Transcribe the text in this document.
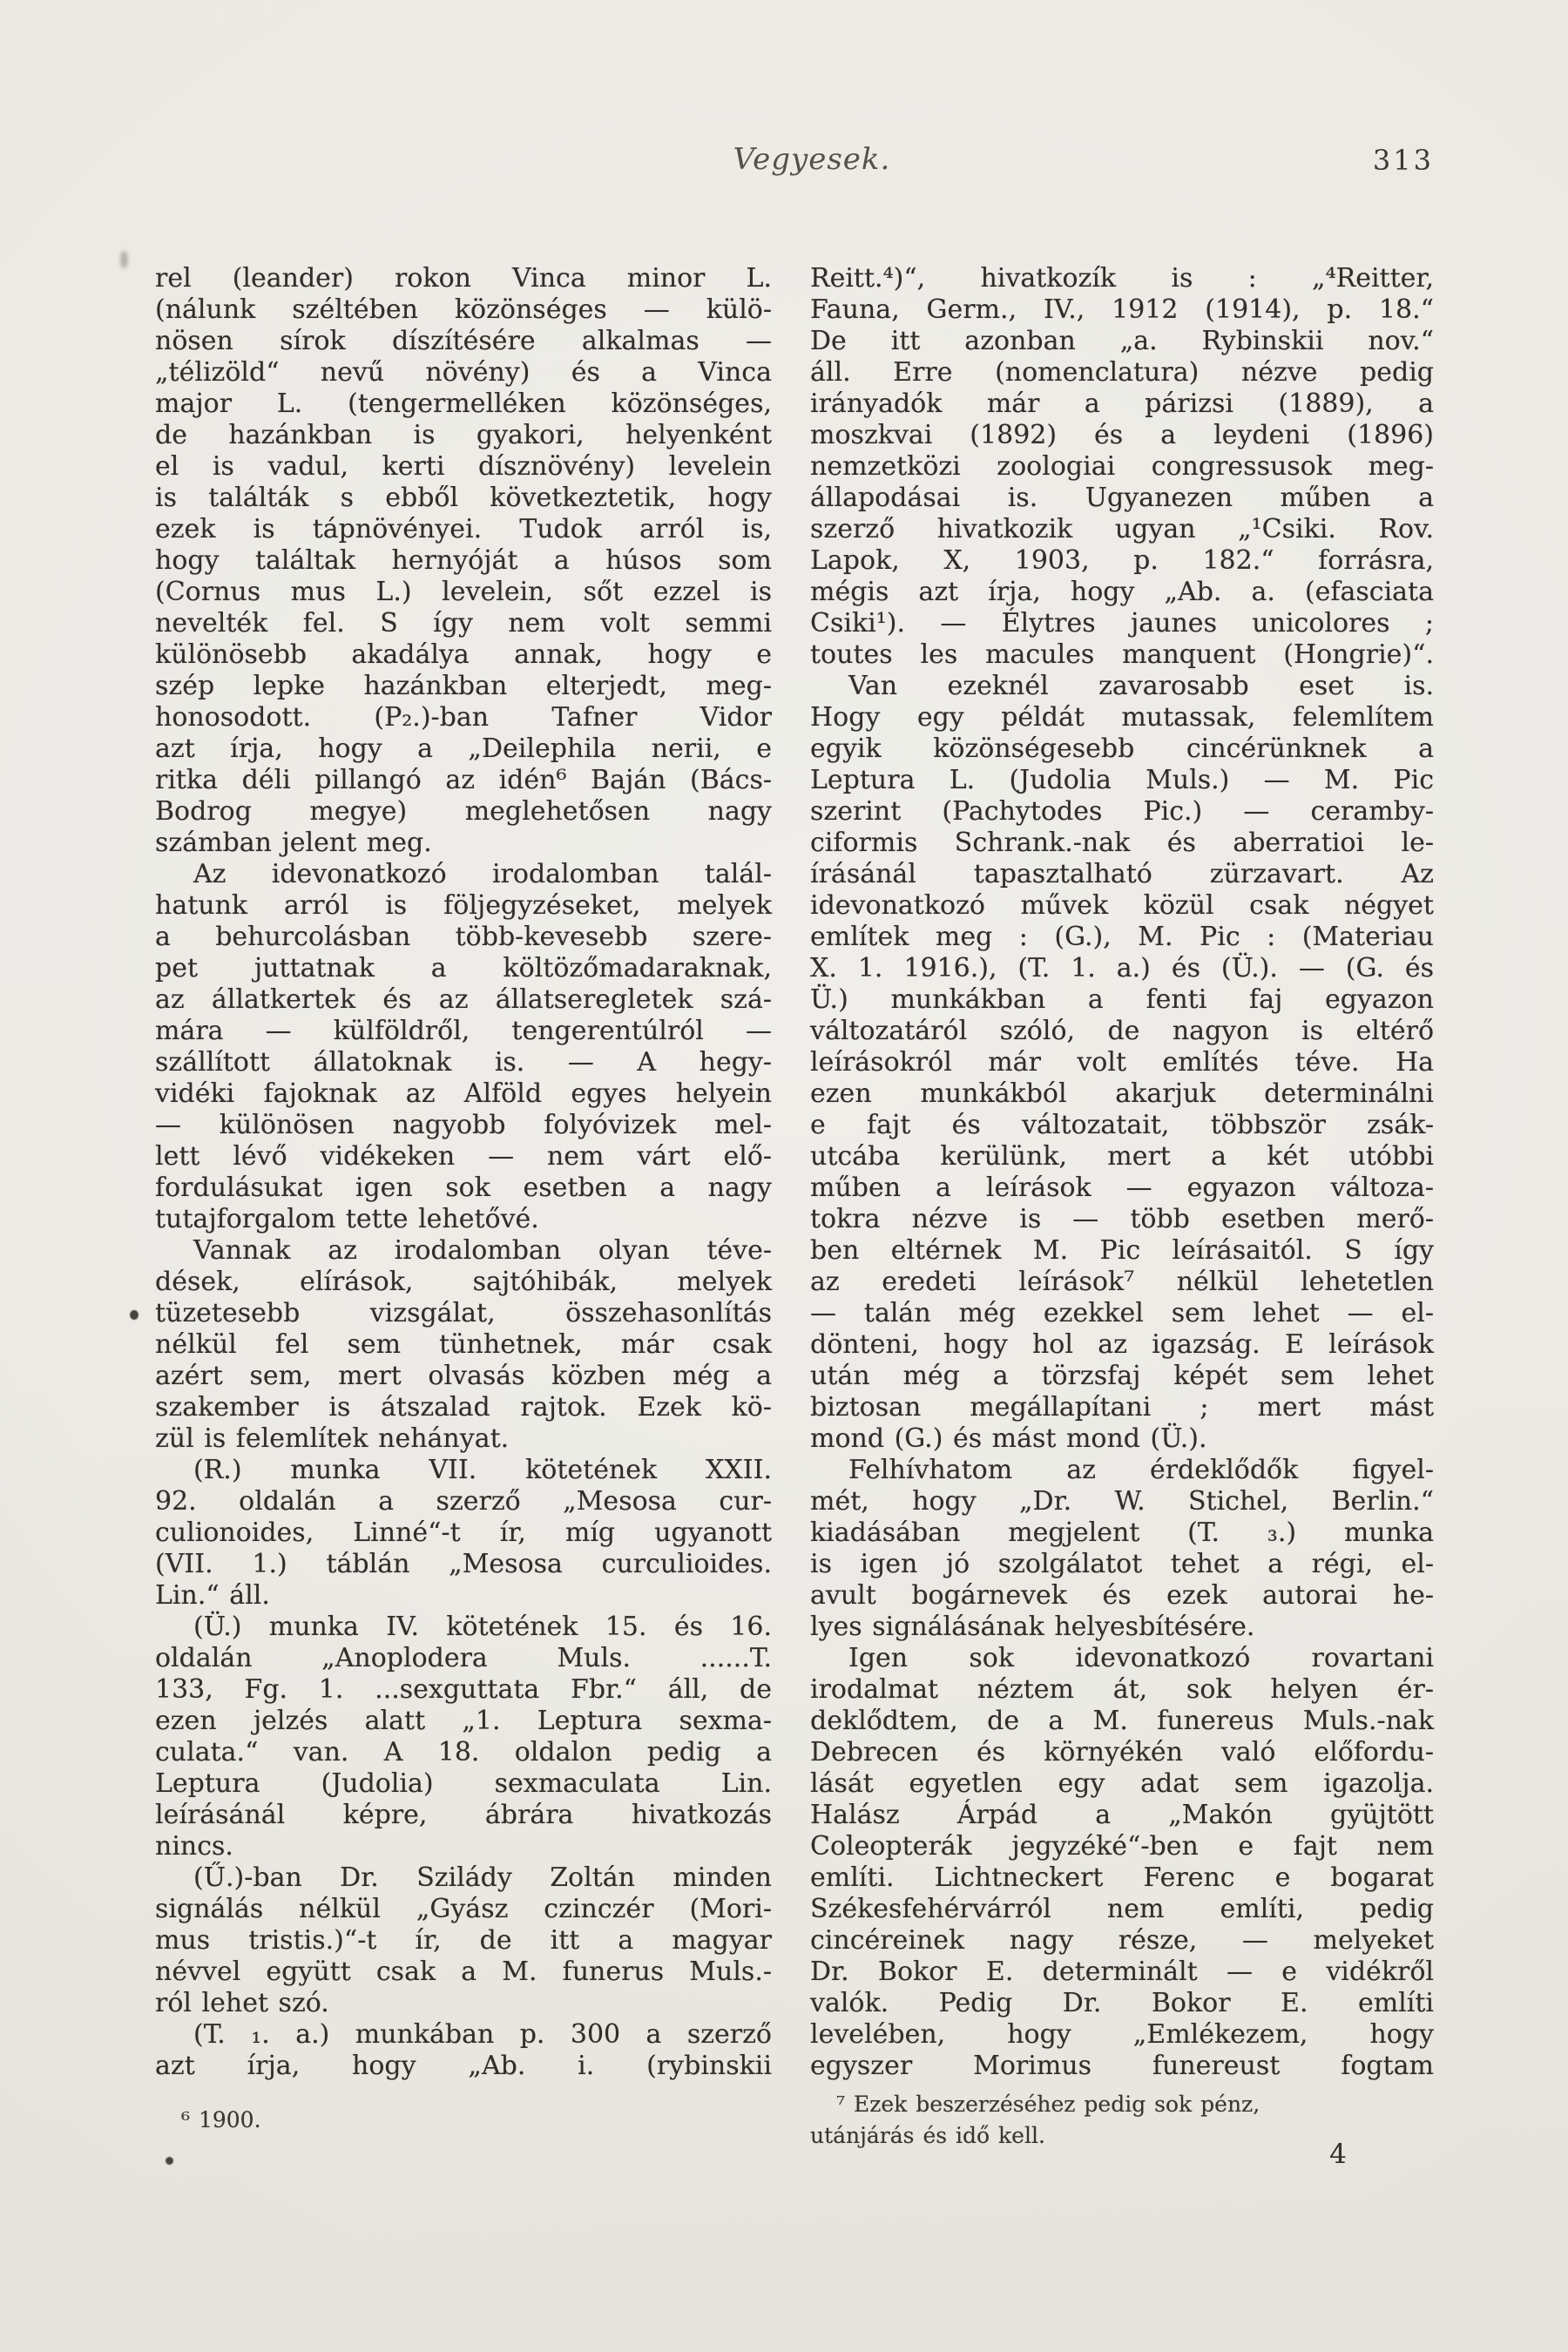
Vegyesek.	313
rel (leander) rokon Vinca minor L.
(nálunk széltében közönséges — külö-
nösen sírok díszítésére alkalmas —
„télizöld“ nevű növény) és a Vinca
major L. (tengermelléken közönséges,
de hazánkban is gyakori, helyenként
el is vadul, kerti dísznövény) levelein
is találták s ebből következtetik, hogy
ezek is tápnövényei. Tudok arról is,
hogy találtak hernyóját a húsos som
(Cornus mus L.) levelein, sőt ezzel is
nevelték fel. S így nem volt semmi
különösebb akadálya annak, hogy e
szép lepke hazánkban elterjedt, meg-
honosodott. (P₂.)-ban Tafner Vidor
azt írja, hogy a „Deilephila nerii, e
ritka déli pillangó az idén⁶ Baján (Bács-
Bodrog megye) meglehetősen nagy
számban jelent meg.
Az idevonatkozó irodalomban talál-
hatunk arról is följegyzéseket, melyek
a behurcolásban több-kevesebb szere-
pet juttatnak a költözőmadaraknak,
az állatkertek és az állatseregletek szá-
mára — külföldről, tengerentúlról —
szállított állatoknak is. — A hegy-
vidéki fajoknak az Alföld egyes helyein
— különösen nagyobb folyóvizek mel-
lett lévő vidékeken — nem várt elő-
fordulásukat igen sok esetben a nagy
tutajforgalom tette lehetővé.
Vannak az irodalomban olyan téve-
dések, elírások, sajtóhibák, melyek
tüzetesebb vizsgálat, összehasonlítás
nélkül fel sem tünhetnek, már csak
azért sem, mert olvasás közben még a
szakember is átszalad rajtok. Ezek kö-
zül is felemlítek nehányat.
(R.) munka VII. kötetének XXII.
92. oldalán a szerző „Mesosa cur-
culionoides, Linné“-t ír, míg ugyanott
(VII. 1.) táblán „Mesosa curculioides.
Lin.“ áll.
(Ü.) munka IV. kötetének 15. és 16.
oldalán „Anoplodera Muls. ......T.
133, Fg. 1. ...sexguttata Fbr.“ áll, de
ezen jelzés alatt „1. Leptura sexma-
culata.“ van. A 18. oldalon pedig a
Leptura (Judolia) sexmaculata Lin.
leírásánál képre, ábrára hivatkozás
nincs.
(Ű.)-ban Dr. Szilády Zoltán minden
signálás nélkül „Gyász czinczér (Mori-
mus tristis.)“-t ír, de itt a magyar
névvel együtt csak a M. funerus Muls.-
ról lehet szó.
(T. ₁. a.) munkában p. 300 a szerző
azt írja, hogy „Ab. i. (rybinskii
⁶ 1900.
Reitt.⁴)“, hivatkozík is : „⁴Reitter,
Fauna, Germ., IV., 1912 (1914), p. 18.“
De itt azonban „a. Rybinskii nov.“
áll. Erre (nomenclatura) nézve pedig
irányadók már a párizsi (1889), a
moszkvai (1892) és a leydeni (1896)
nemzetközi zoologiai congressusok meg-
állapodásai is. Ugyanezen műben a
szerző hivatkozik ugyan „¹Csiki. Rov.
Lapok, X, 1903, p. 182.“ forrásra,
mégis azt írja, hogy „Ab. a. (efasciata
Csiki¹). — Élytres jaunes unicolores ;
toutes les macules manquent (Hongrie)“.
Van ezeknél zavarosabb eset is.
Hogy egy példát mutassak, felemlítem
egyik közönségesebb cincérünknek a
Leptura L. (Judolia Muls.) — M. Pic
szerint (Pachytodes Pic.) — ceramby-
ciformis Schrank.-nak és aberratioi le-
írásánál tapasztalható zürzavart. Az
idevonatkozó művek közül csak négyet
említek meg : (G.), M. Pic : (Materiau
X. 1. 1916.), (T. 1. a.) és (Ü.). — (G. és
Ü.) munkákban a fenti faj egyazon
változatáról szóló, de nagyon is eltérő
leírásokról már volt említés téve. Ha
ezen munkákból akarjuk determinálni
e fajt és változatait, többször zsák-
utcába kerülünk, mert a két utóbbi
műben a leírások — egyazon változa-
tokra nézve is — több esetben merő-
ben eltérnek M. Pic leírásaitól. S így
az eredeti leírások⁷ nélkül lehetetlen
— talán még ezekkel sem lehet — el-
dönteni, hogy hol az igazság. E leírások
után még a törzsfaj képét sem lehet
biztosan megállapítani ; mert mást
mond (G.) és mást mond (Ü.).
Felhívhatom az érdeklődők figyel-
mét, hogy „Dr. W. Stichel, Berlin.“
kiadásában megjelent (T. ₃.) munka
is igen jó szolgálatot tehet a régi, el-
avult bogárnevek és ezek autorai he-
lyes signálásának helyesbítésére.
Igen sok idevonatkozó rovartani
irodalmat néztem át, sok helyen ér-
deklődtem, de a M. funereus Muls.-nak
Debrecen és környékén való előfordu-
lását egyetlen egy adat sem igazolja.
Halász Árpád a „Makón gyüjtött
Coleopterák jegyzéké“-ben e fajt nem
említi. Lichtneckert Ferenc e bogarat
Székesfehérvárról nem említi, pedig
cincéreinek nagy része, — melyeket
Dr. Bokor E. determinált — e vidékről
valók. Pedig Dr. Bokor E. említi
levelében, hogy „Emlékezem, hogy
egyszer Morimus funereust fogtam
⁷ Ezek beszerzéséhez pedig sok pénz,
utánjárás és idő kell.
4
